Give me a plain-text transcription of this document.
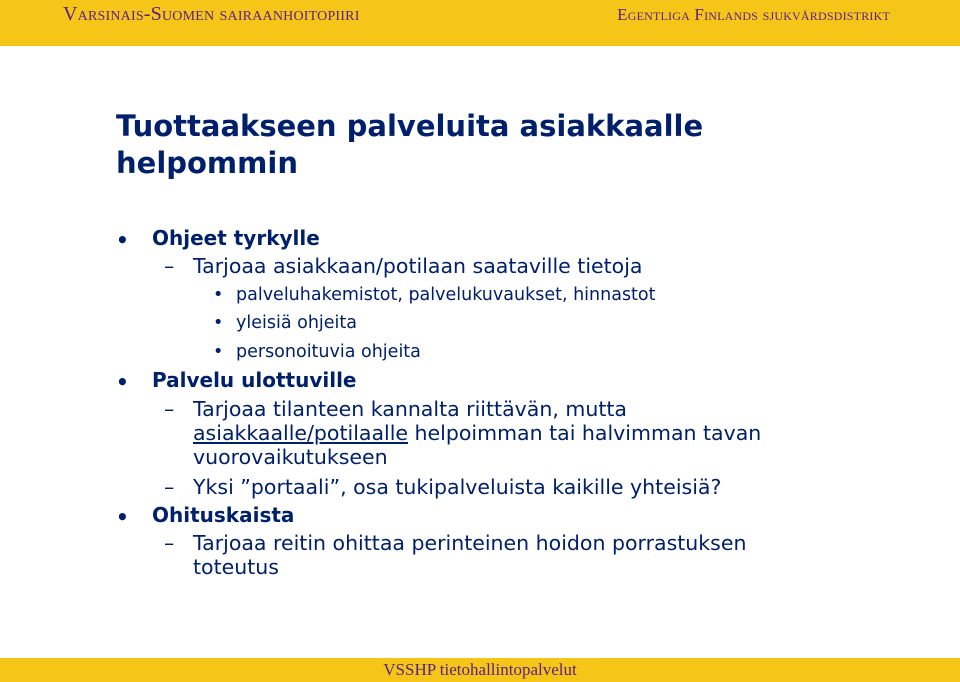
Varsinais-Suomen sairaanhoitopiiri	Egentliga Finlands sjukvårdsdistrikt
Tuottaakseen palveluita asiakkaalle helpommin
• Ohjeet tyrkylle
– Tarjoaa asiakkaan/potilaan saataville tietoja
• palveluhakemistot, palvelukuvaukset, hinnastot
• yleisiä ohjeita
• personoituvia ohjeita
• Palvelu ulottuville
– Tarjoaa tilanteen kannalta riittävän, mutta
asiakkaalle/potilaalle helpoimman tai halvimman tavan
vuorovaikutukseen
– Yksi ”portaali”, osa tukipalveluista kaikille yhteisiä?
• Ohituskaista
– Tarjoaa reitin ohittaa perinteinen hoidon porrastuksen
toteutus
VSSHP tietohallintopalvelut
